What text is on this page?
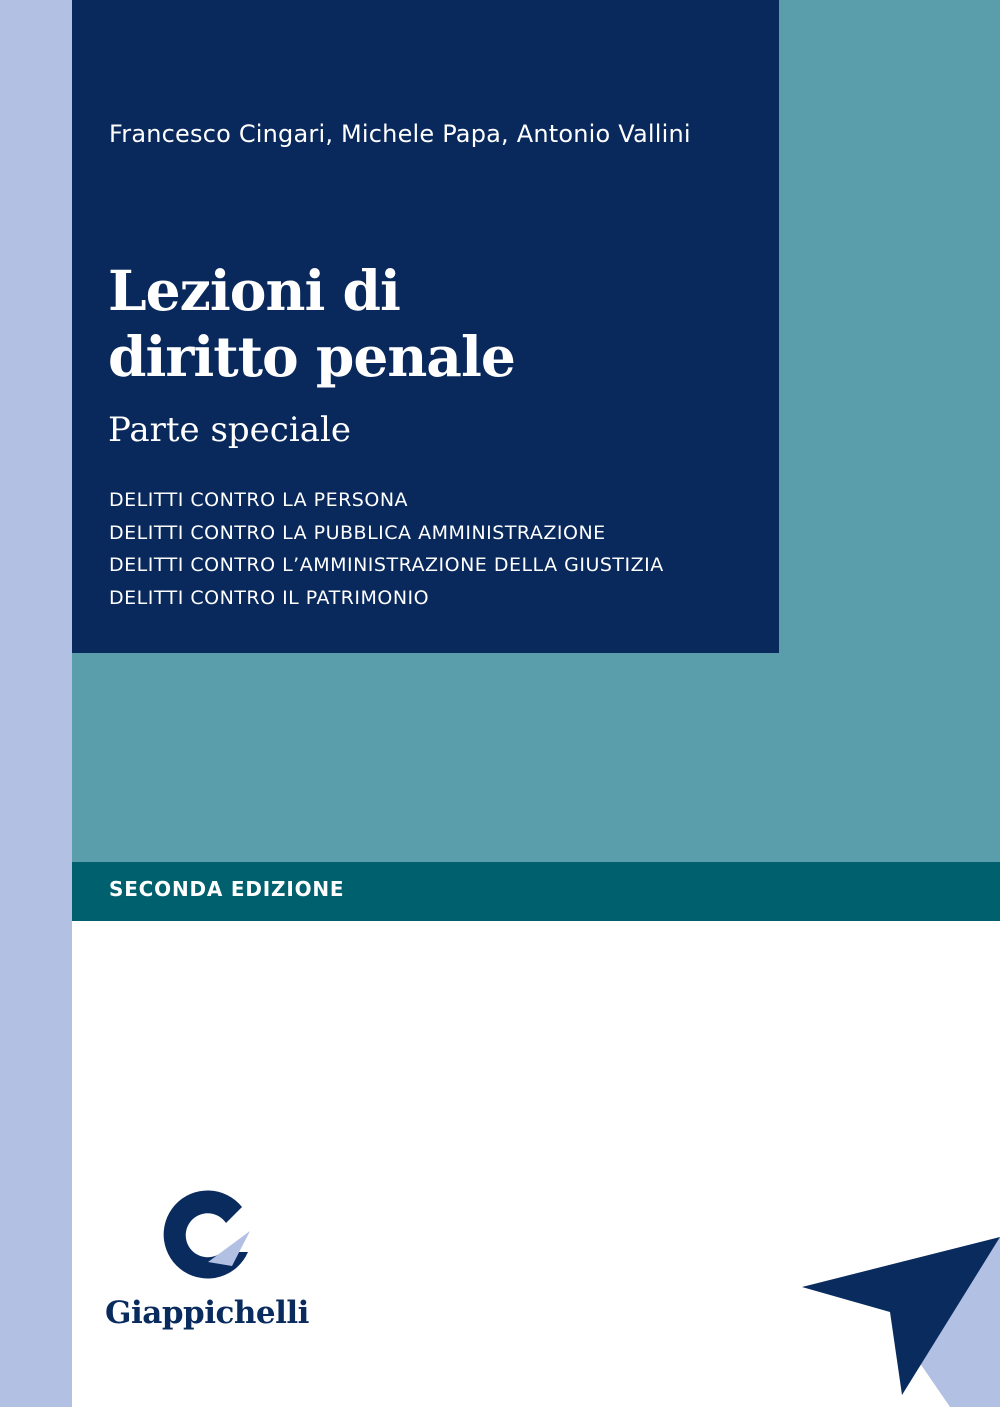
Francesco Cingari, Michele Papa, Antonio Vallini
Lezioni di
diritto penale
Parte speciale
DELITTI CONTRO LA PERSONA
DELITTI CONTRO LA PUBBLICA AMMINISTRAZIONE
DELITTI CONTRO L’AMMINISTRAZIONE DELLA GIUSTIZIA
DELITTI CONTRO IL PATRIMONIO
SECONDA EDIZIONE
Giappichelli
